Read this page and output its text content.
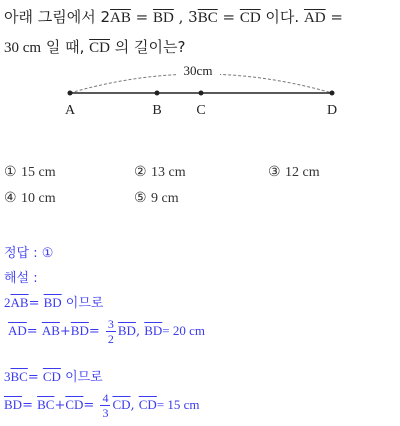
아래 그림에서 $2\overline{AB} = \overline{BD}$ , $3\overline{BC} = \overline{CD}$ 이다. $\overline{AD}$ =
30 cm 일 때, $\overline{CD}$ 의 길이는?
30cm
A	B C	D
① 15 cm	② 13 cm	③ 12 cm
④ 10 cm	⑤ 9 cm
정답 : ①
해설 :
$2\overline{AB}= \overline{BD}$ 이므로
$\overline{AD}= \overline{AB}+\overline{BD}= \frac{3}{2} \overline{BD}$, $\overline{BD}= 20$ cm
$3\overline{BC}= \overline{CD}$ 이므로
$\overline{BD}= \overline{BC}+\overline{CD}= \frac{4}{3} \overline{CD}$, $\overline{CD}= 15$ cm
